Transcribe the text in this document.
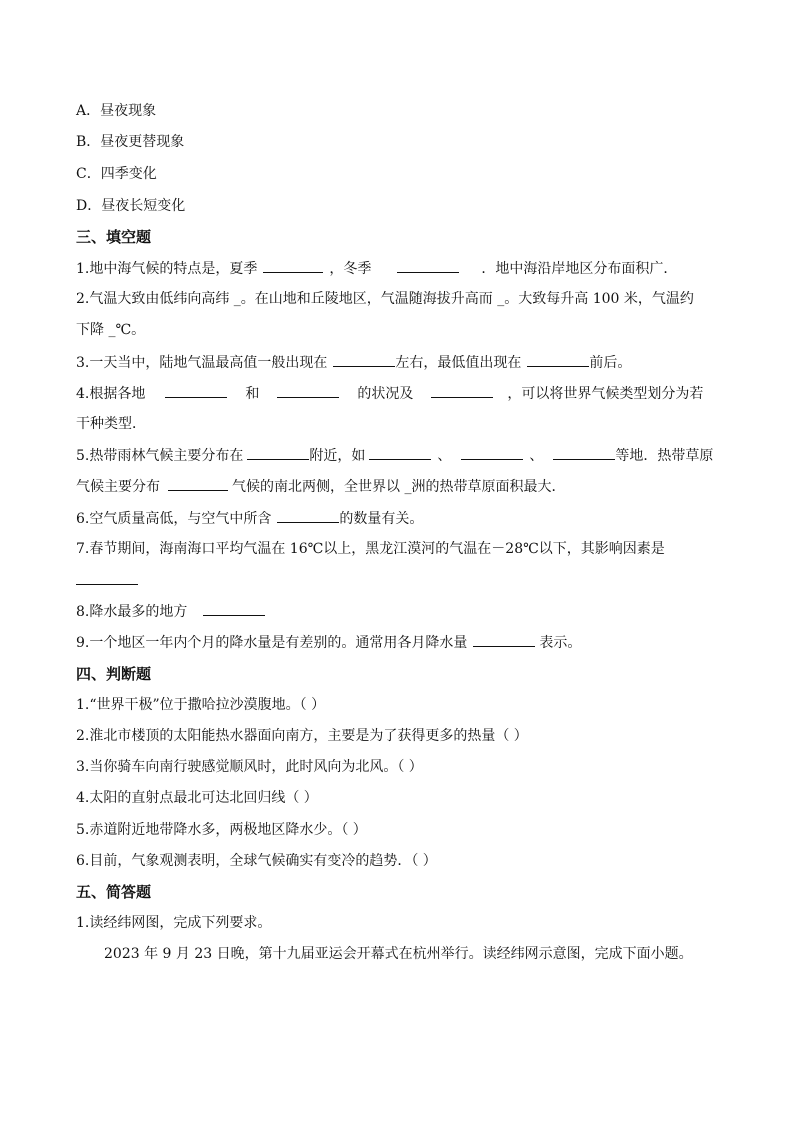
A．昼夜现象
B．昼夜更替现象
C．四季变化
D．昼夜长短变化
三、填空题
1.地中海气候的特点是，夏季	，冬季	．地中海沿岸地区分布面积广．
2.气温大致由低纬向高纬 _。在山地和丘陵地区，气温随海拔升高而 _。大致每升高 100 米，气温约
下降 _℃。
3.一天当中，陆地气温最高值一般出现在	左右，最低值出现在	前后。
4.根据各地	和	的状况及	，可以将世界气候类型划分为若
干种类型．
5.热带雨林气候主要分布在	附近，如	、	、	等地．热带草原
气候主要分布	气候的南北两侧，全世界以 _洲的热带草原面积最大．
6.空气质量高低，与空气中所含	的数量有关。
7.春节期间，海南海口平均气温在 16℃以上，黑龙江漠河的气温在－28℃以下，其影响因素是
8.降水最多的地方
9.一个地区一年内个月的降水量是有差别的。通常用各月降水量	表示。
四、判断题
1.“世界干极”位于撒哈拉沙漠腹地。（ ）
2.淮北市楼顶的太阳能热水器面向南方，主要是为了获得更多的热量（ ）
3.当你骑车向南行驶感觉顺风时，此时风向为北风。（ ）
4.太阳的直射点最北可达北回归线（ ）
5.赤道附近地带降水多，两极地区降水少。（ ）
6.目前，气象观测表明，全球气候确实有变冷的趋势．（ ）
五、简答题
1.读经纬网图，完成下列要求。
2023 年 9 月 23 日晚，第十九届亚运会开幕式在杭州举行。读经纬网示意图，完成下面小题。
